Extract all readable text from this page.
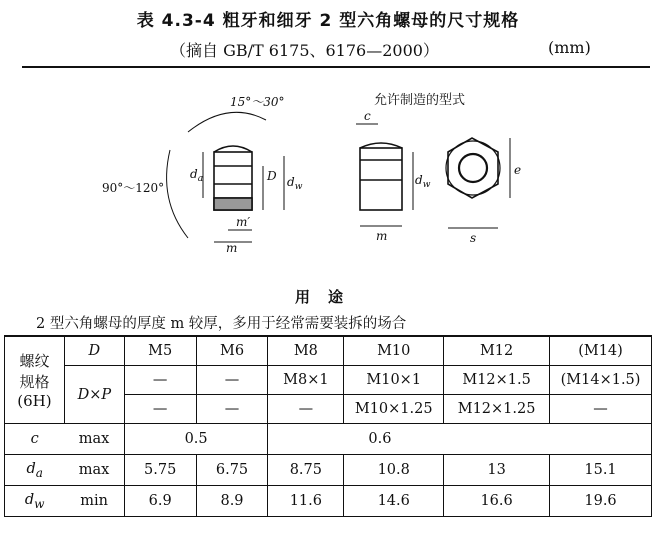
表 4.3-4 粗牙和细牙 2 型六角螺母的尺寸规格
（摘自 GB/T 6175、6176—2000）	(mm)
15°～30°
90°～120°
允许制造的型式
$d_a$	D $d_w$
m′
m
c
$d_w$
m
e
s
用途
2 型六角螺母的厚度 m 较厚，多用于经常需要装拆的场合
螺纹
规格
(6H)	D	M5	M6	M8	M10	M12	(M14)
	D×P	—	—	M8×1	M10×1	M12×1.5	(M14×1.5)
		—	—	—	M10×1.25	M12×1.25	—
c	max	0.5		0.6			
$d_a$	max	5.75	6.75	8.75	10.8	13	15.1
$d_w$	min	6.9	8.9	11.6	14.6	16.6	19.6
